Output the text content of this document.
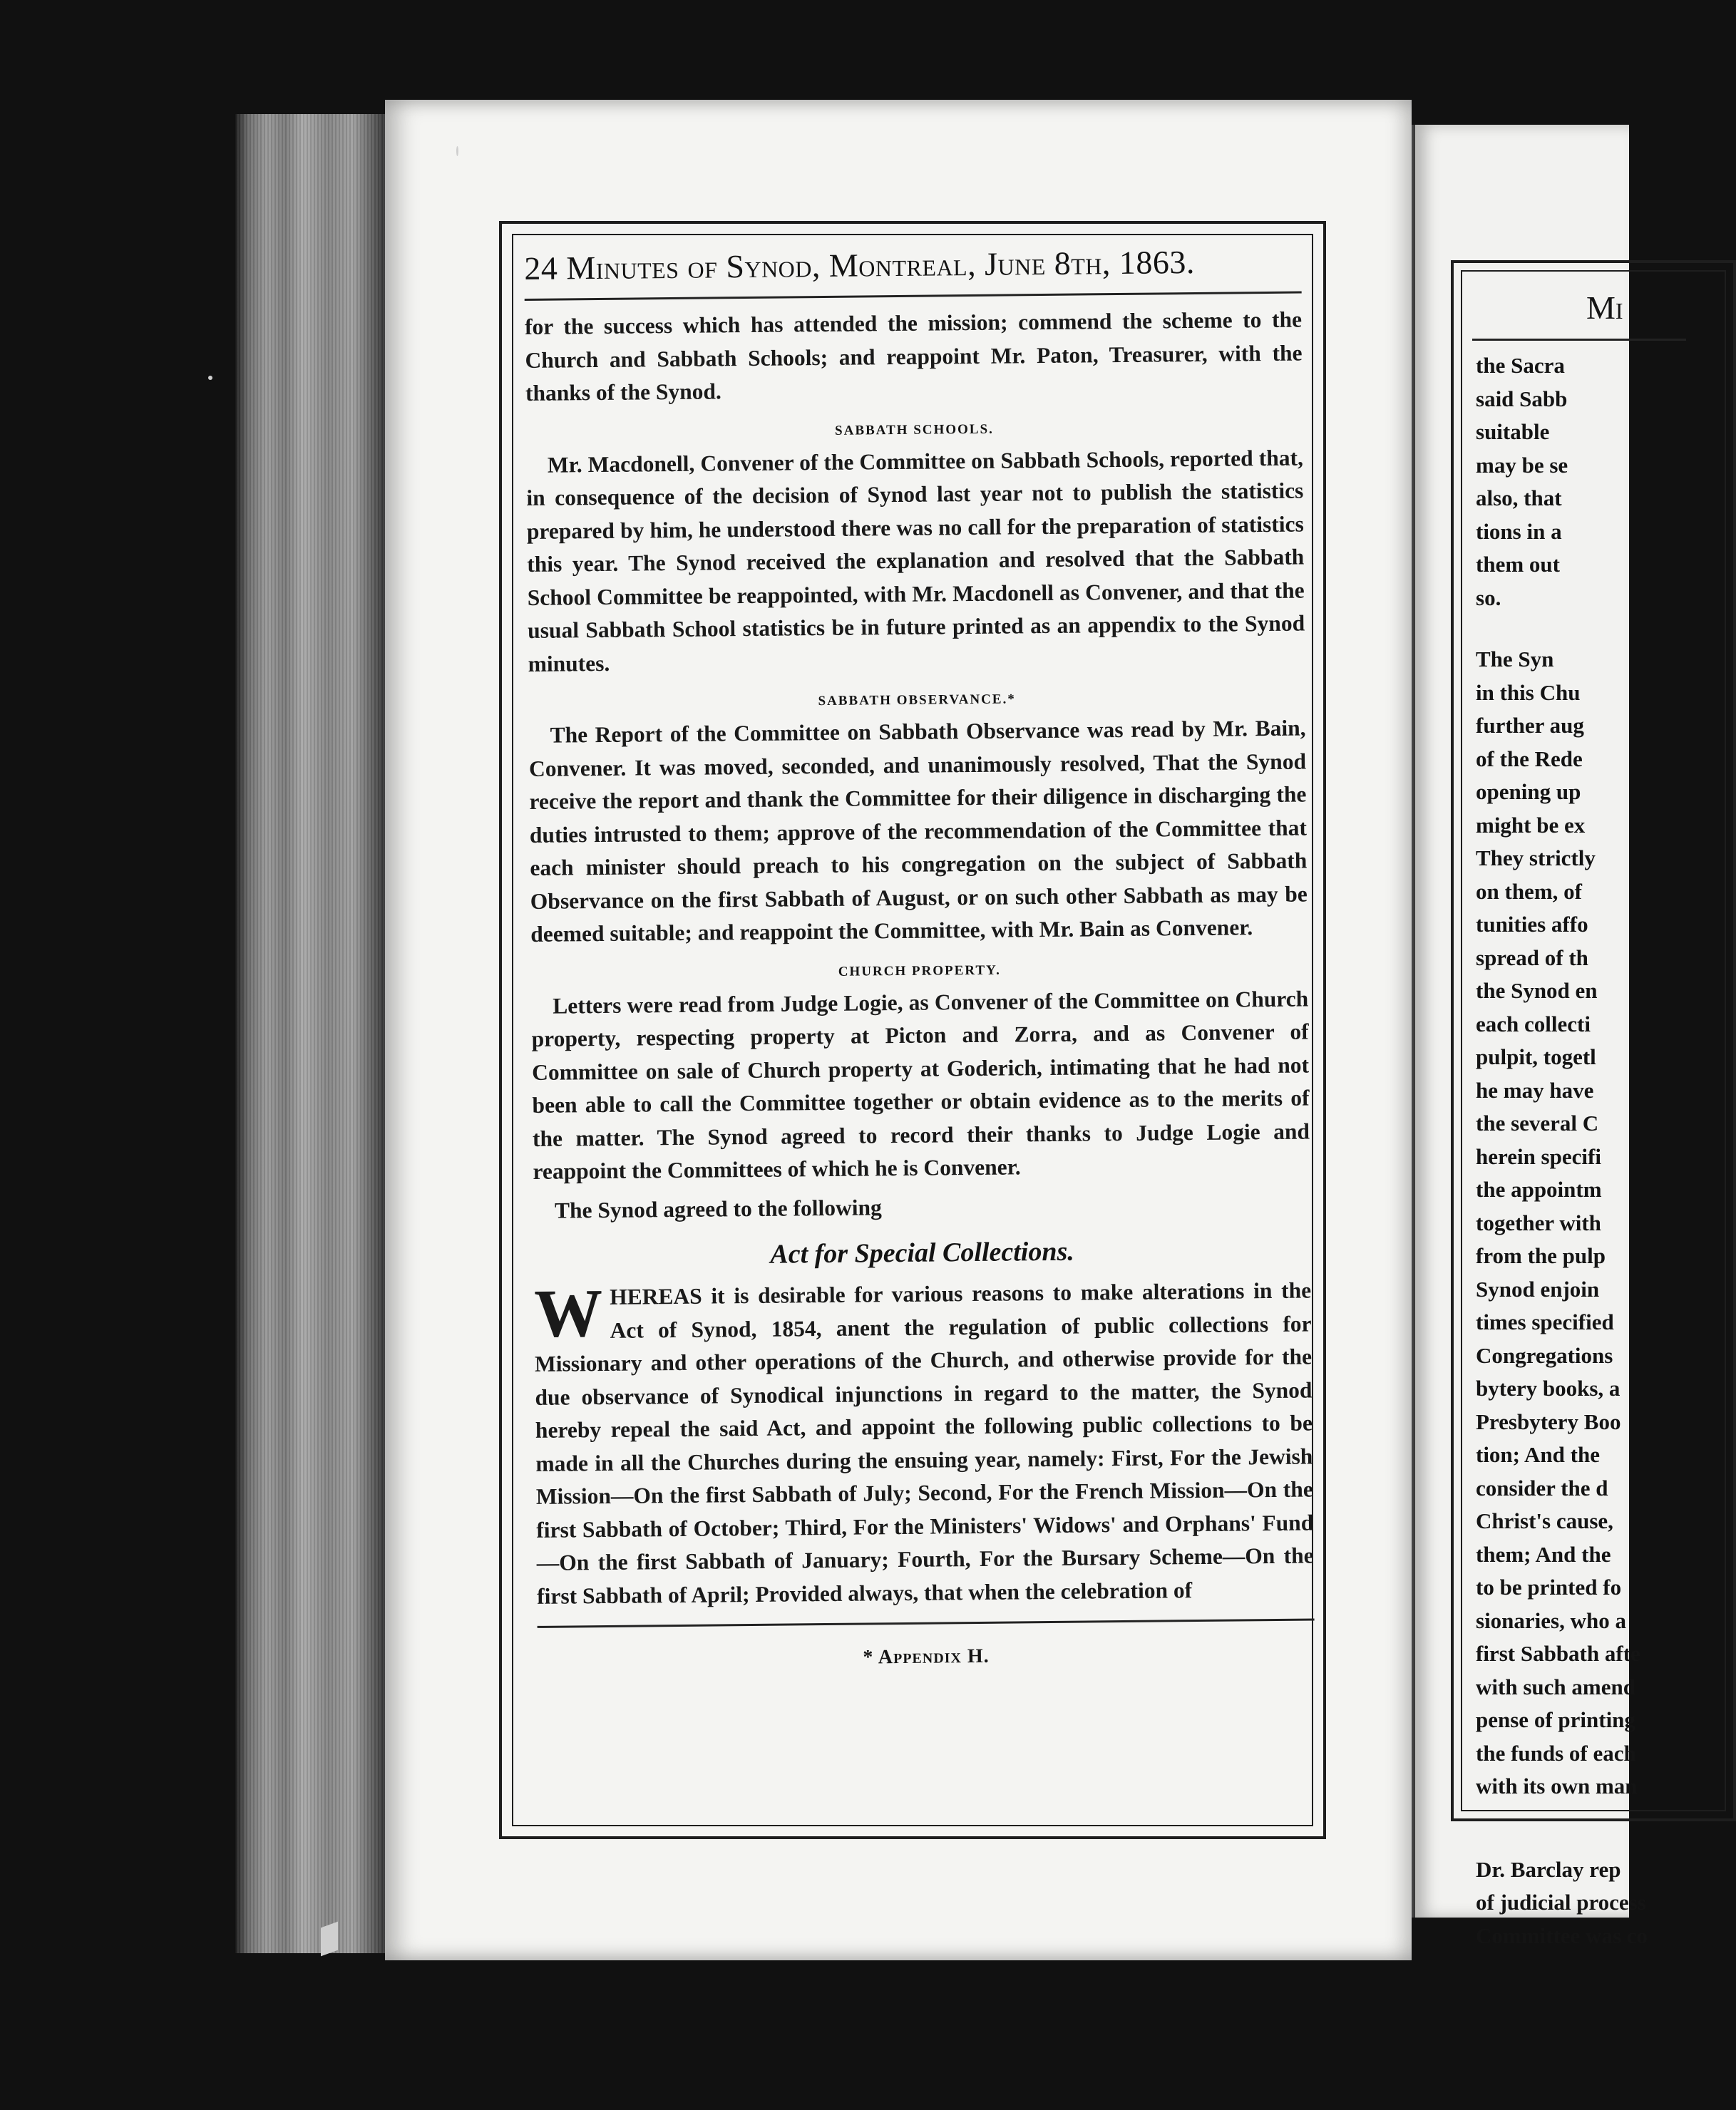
24 Minutes of Synod, Montreal, June 8th, 1863.

for the success which has attended the mission; commend the scheme to the Church and Sabbath Schools; and reappoint Mr. Paton, Treasurer, with the thanks of the Synod.

SABBATH SCHOOLS.

Mr. Macdonell, Convener of the Committee on Sabbath Schools, reported that, in consequence of the decision of Synod last year not to publish the statistics prepared by him, he understood there was no call for the preparation of statistics this year. The Synod received the explanation and resolved that the Sabbath School Committee be reappointed, with Mr. Macdonell as Convener, and that the usual Sabbath School statistics be in future printed as an appendix to the Synod minutes.

SABBATH OBSERVANCE.*

The Report of the Committee on Sabbath Observance was read by Mr. Bain, Convener. It was moved, seconded, and unanimously resolved, That the Synod receive the report and thank the Committee for their diligence in discharging the duties intrusted to them; approve of the recommendation of the Committee that each minister should preach to his congregation on the subject of Sabbath Observance on the first Sabbath of August, or on such other Sabbath as may be deemed suitable; and reappoint the Committee, with Mr. Bain as Convener.

CHURCH PROPERTY.

Letters were read from Judge Logie, as Convener of the Committee on Church property, respecting property at Picton and Zorra, and as Convener of Committee on sale of Church property at Goderich, intimating that he had not been able to call the Committee together or obtain evidence as to the merits of the matter. The Synod agreed to record their thanks to Judge Logie and reappoint the Committees of which he is Convener.

The Synod agreed to the following

Act for Special Collections.

WHEREAS it is desirable for various reasons to make alterations in the Act of Synod, 1854, anent the regulation of public collections for Missionary and other operations of the Church, and otherwise provide for the due observance of Synodical injunctions in regard to the matter, the Synod hereby repeal the said Act, and appoint the following public collections to be made in all the Churches during the ensuing year, namely: First, For the Jewish Mission—On the first Sabbath of July; Second, For the French Mission—On the first Sabbath of October; Third, For the Ministers' Widows' and Orphans' Fund—On the first Sabbath of January; Fourth, For the Bursary Scheme—On the first Sabbath of April; Provided always, that when the celebration of

* Appendix H.
Mi
the Sacra
said Sabb
suitable
may be se
also, that
tions in a
them out
so.
The Syn
in this Chu
further aug
of the Rede
opening up
might be ex
They strictly
on them, of
tunities affo
spread of th
the Synod en
each collecti
pulpit, togetl
he may have
the several C
herein specifi
the appointm
together with
from the pulp
Synod enjoin
times specified
Congregations
bytery books, a
Presbytery Boo
tion; And the
consider the d
Christ's cause,
them; And the
to be printed fo
sionaries, who a
first Sabbath afte
with such amend
pense of printing
the funds of each
with its own man
Dr. Barclay rep
of judicial process
Committee was co
